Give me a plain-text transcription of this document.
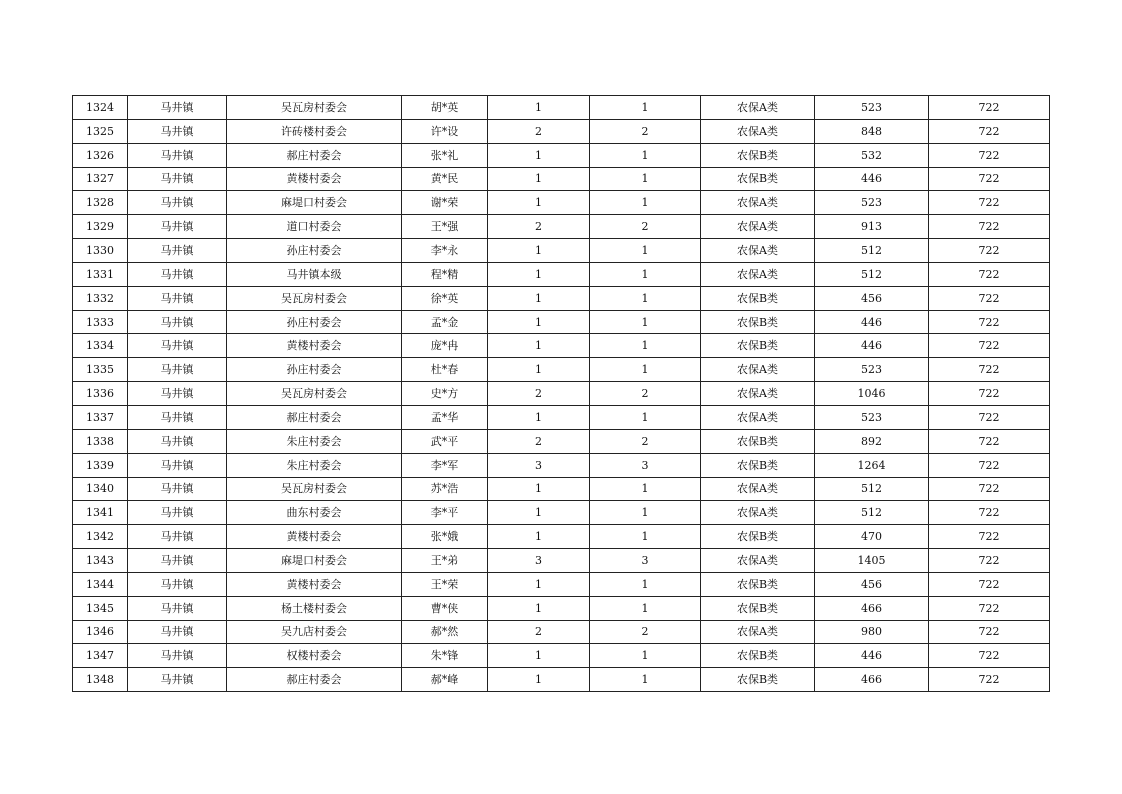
1324	马井镇	吴瓦房村委会	胡*英	1	1	农保A类	523	722
1325	马井镇	许砖楼村委会	许*设	2	2	农保A类	848	722
1326	马井镇	郝庄村委会	张*礼	1	1	农保B类	532	722
1327	马井镇	黄楼村委会	黄*民	1	1	农保B类	446	722
1328	马井镇	麻堤口村委会	谢*荣	1	1	农保A类	523	722
1329	马井镇	道口村委会	王*强	2	2	农保A类	913	722
1330	马井镇	孙庄村委会	李*永	1	1	农保A类	512	722
1331	马井镇	马井镇本级	程*精	1	1	农保A类	512	722
1332	马井镇	吴瓦房村委会	徐*英	1	1	农保B类	456	722
1333	马井镇	孙庄村委会	孟*金	1	1	农保B类	446	722
1334	马井镇	黄楼村委会	庞*冉	1	1	农保B类	446	722
1335	马井镇	孙庄村委会	杜*春	1	1	农保A类	523	722
1336	马井镇	吴瓦房村委会	史*方	2	2	农保A类	1046	722
1337	马井镇	郝庄村委会	孟*华	1	1	农保A类	523	722
1338	马井镇	朱庄村委会	武*平	2	2	农保B类	892	722
1339	马井镇	朱庄村委会	李*军	3	3	农保B类	1264	722
1340	马井镇	吴瓦房村委会	苏*浩	1	1	农保A类	512	722
1341	马井镇	曲东村委会	李*平	1	1	农保A类	512	722
1342	马井镇	黄楼村委会	张*娥	1	1	农保B类	470	722
1343	马井镇	麻堤口村委会	王*弟	3	3	农保A类	1405	722
1344	马井镇	黄楼村委会	王*荣	1	1	农保B类	456	722
1345	马井镇	杨土楼村委会	曹*侠	1	1	农保B类	466	722
1346	马井镇	吴九店村委会	郝*然	2	2	农保A类	980	722
1347	马井镇	权楼村委会	朱*锋	1	1	农保B类	446	722
1348	马井镇	郝庄村委会	郝*峰	1	1	农保B类	466	722
